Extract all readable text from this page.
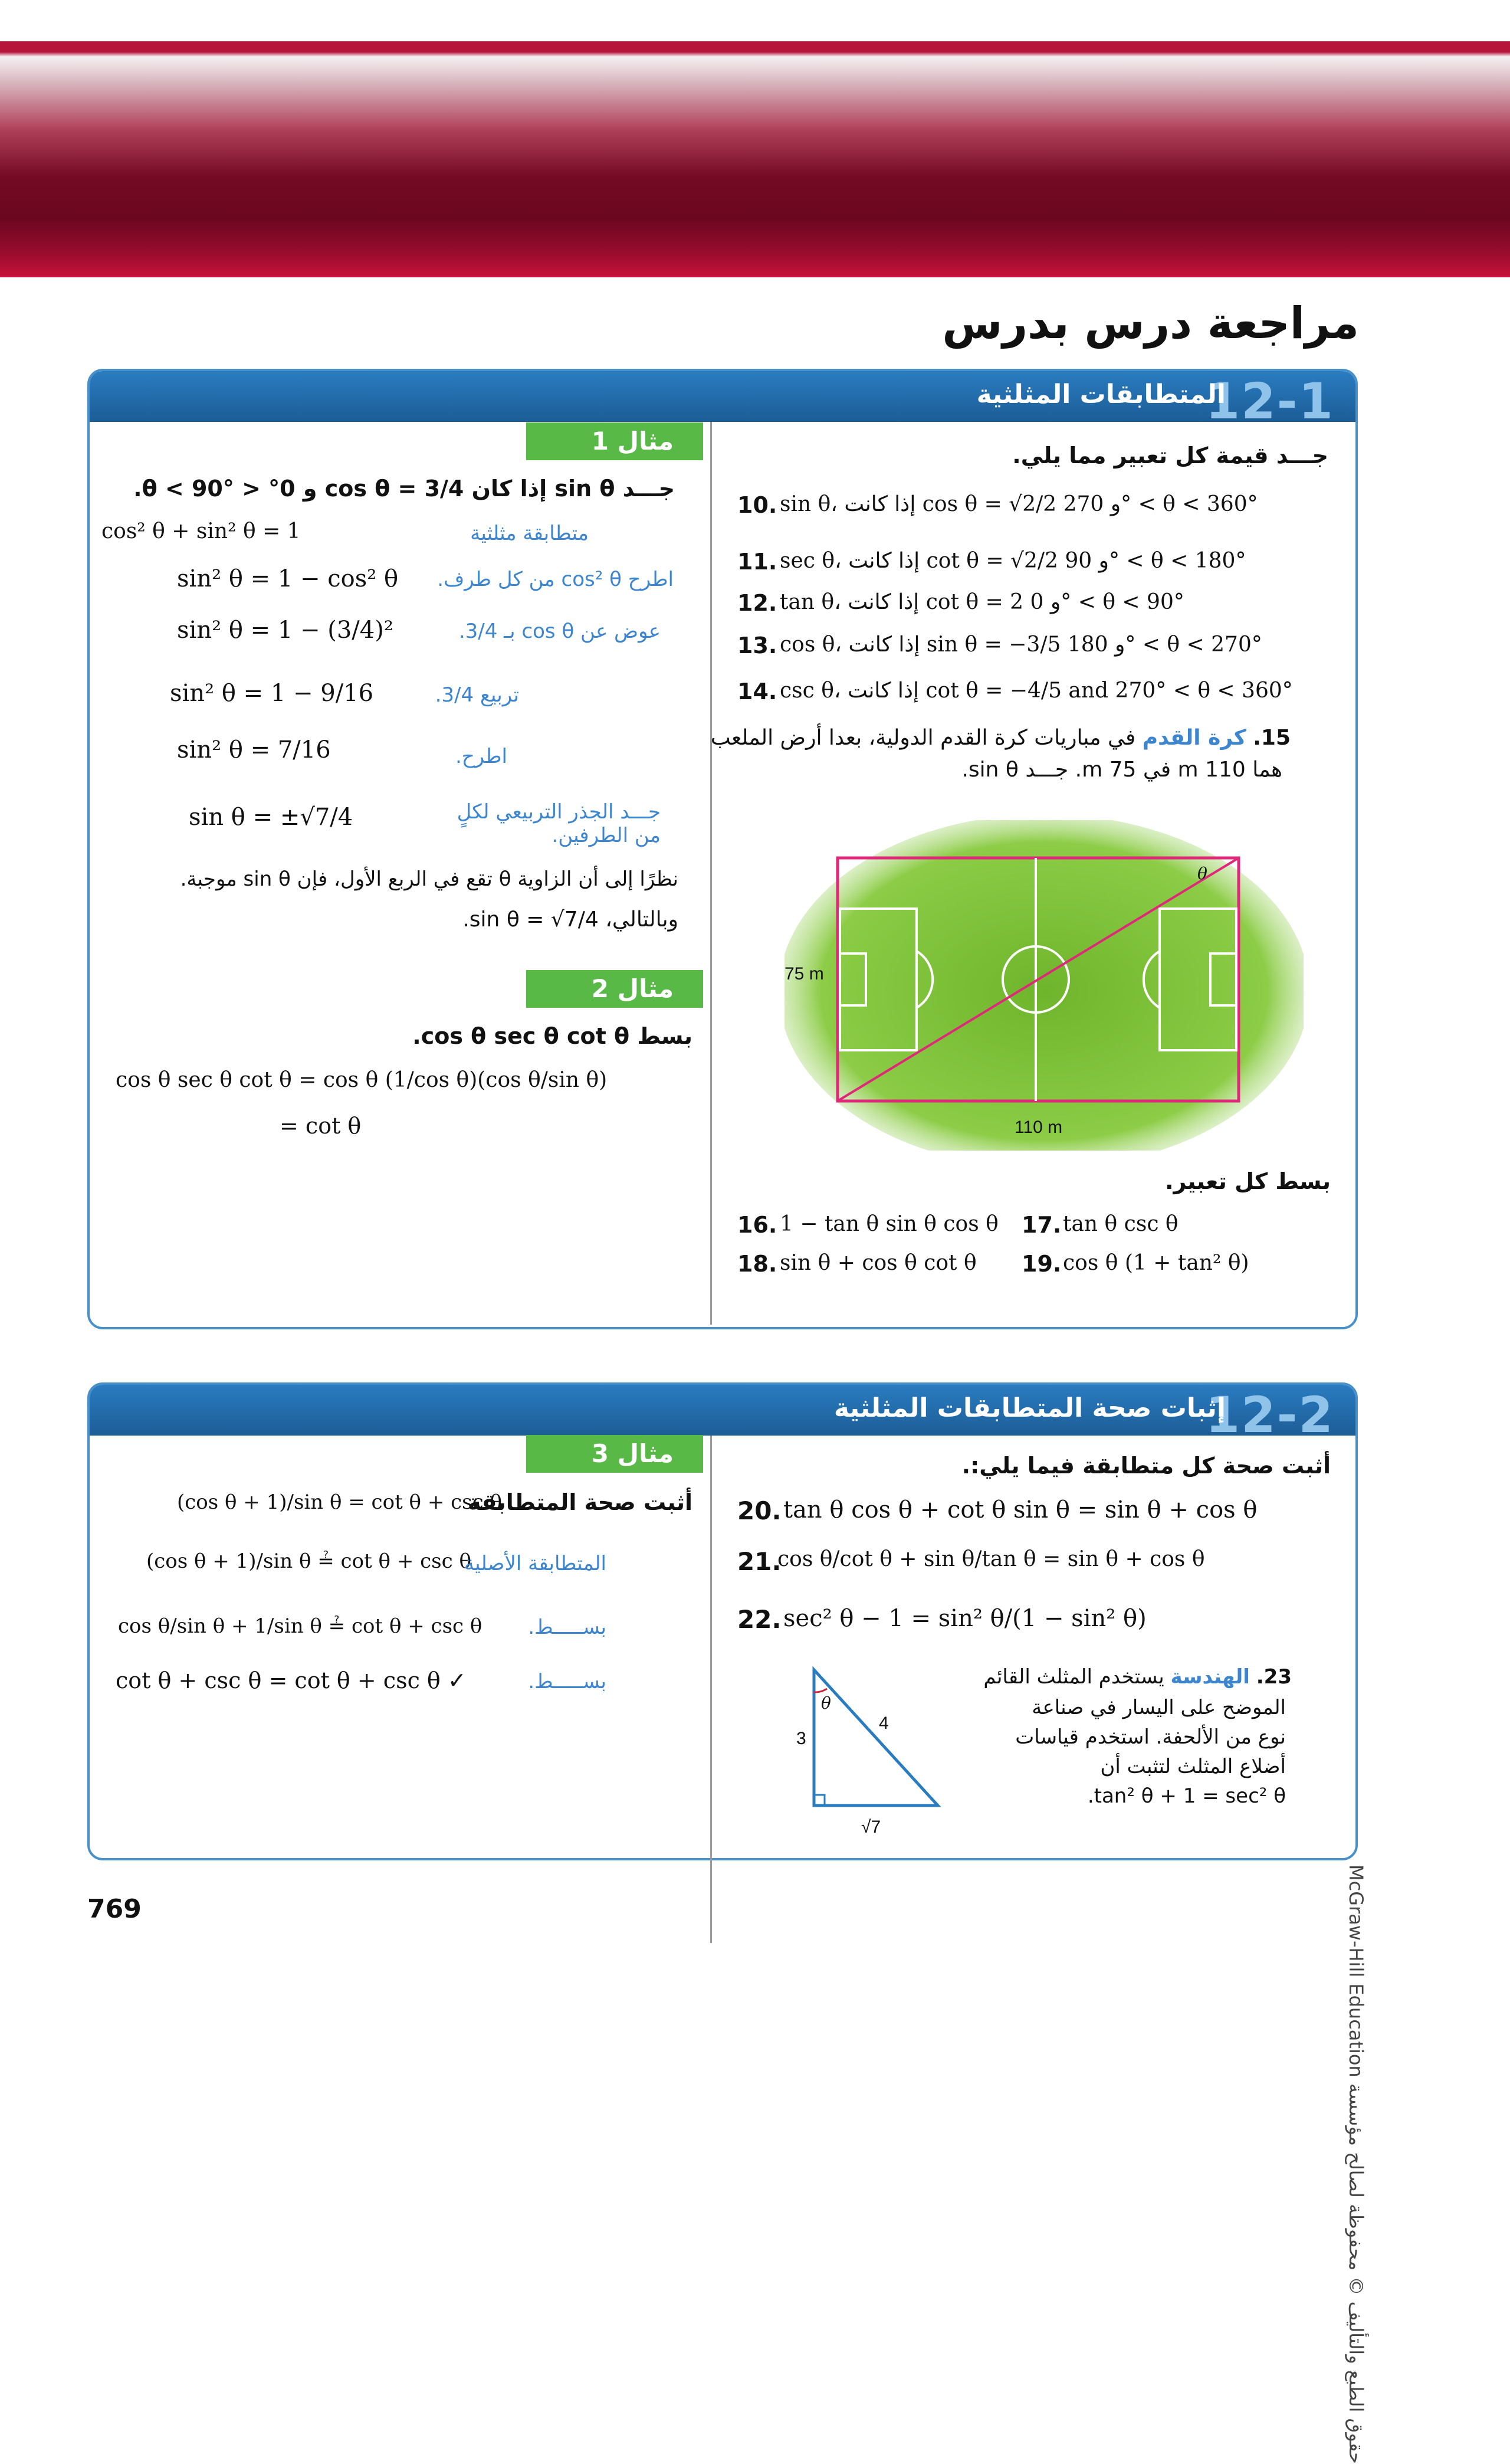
مراجعة درس بدرس
12-1
المتطابقات المثلثية
مثال 1
جـــد sin θ إذا كان cos θ = 3/4 و 0° < θ < 90°.
cos² θ + sin² θ = 1	متطابقة مثلثية
sin² θ = 1 − cos² θ اطرح cos² θ من كل طرف.
sin² θ = 1 − (3/4)²	عوض عن cos θ بـ 3/4.
sin² θ = 1 − 9/16	تربيع 3/4.
sin² θ = 7/16	اطرح.
sin θ = ±√7/4	جـــد الجذر التربيعي لكلٍ من الطرفين.
نظرًا إلى أن الزاوية θ تقع في الربع الأول، فإن sin θ موجبة.
وبالتالي، sin θ = √7/4.
مثال 2
بسط cos θ sec θ cot θ.
cos θ sec θ cot θ = cos θ (1/cos θ)(cos θ/sin θ)
= cot θ
جـــد قيمة كل تعبير مما يلي.
10. sin θ، إذا كانت cos θ = √2/2 و 270° < θ < 360°
11. sec θ، إذا كانت cot θ = √2/2 و 90° < θ < 180°
12. tan θ، إذا كانت cot θ = 2 و 0° < θ < 90°
13. cos θ، إذا كانت sin θ = −3/5 و 180° < θ < 270°
14. csc θ، إذا كانت cot θ = −4/5 and 270° < θ < 360°
15. كرة القدم في مباريات كرة القدم الدولية، بعدا أرض الملعب
هما 110 m في 75 m. جـــد sin θ.
θ
75 m
110 m
بسط كل تعبير.
16. 1 − tan θ sin θ cos θ 17. tan θ csc θ
18. sin θ + cos θ cot θ 19. cos θ (1 + tan² θ)
12-2
إثبات صحة المتطابقات المثلثية
مثال 3
أثبت صحة المتطابقة
(cos θ + 1)/sin θ = cot θ + csc θ
(cos θ + 1)/sin θ ≟ cot θ + csc θ
المتطابقة الأصلية
cos θ/sin θ + 1/sin θ ≟ cot θ + csc θ بســـــط.
cot θ + csc θ = cot θ + csc θ ✓	بســـــط.
أثبت صحة كل متطابقة فيما يلي:.
20. tan θ cos θ + cot θ sin θ = sin θ + cos θ
21.
cos θ/cot θ + sin θ/tan θ = sin θ + cos θ
22. sec² θ − 1 = sin² θ/(1 − sin² θ)
23. الهندسة يستخدم المثلث القائم
الموضح على اليسار في صناعة
نوع من الألحفة. استخدم قياسات
أضلاع المثلث لتثبت أن
tan² θ + 1 = sec² θ.
θ
3
4
√7
769
حقوق الطبع والتأليف © محفوظة لصالح مؤسسة McGraw-Hill Education
